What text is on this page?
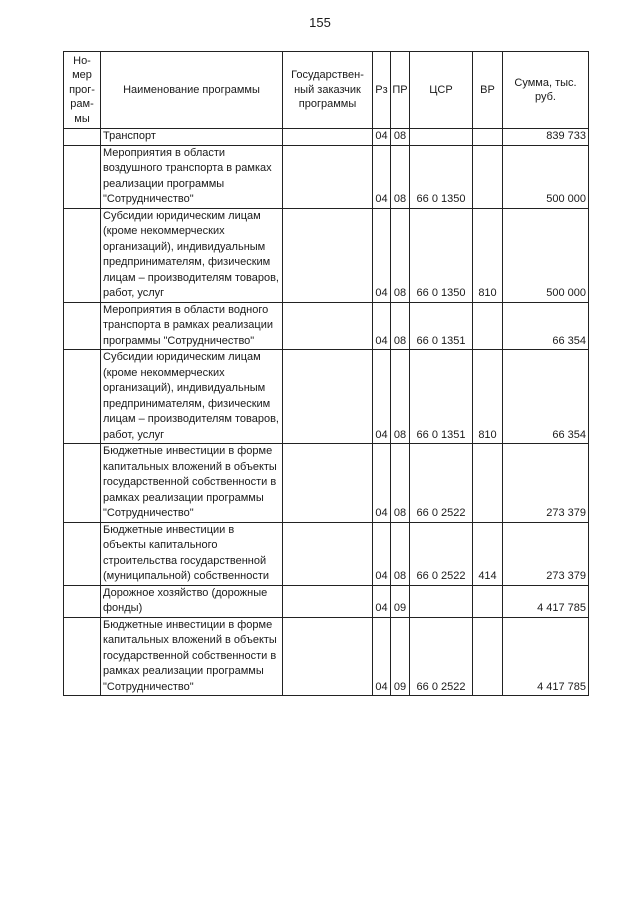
155
Но-мер прог-рам-мы	Наименование программы	Государствен-ный заказчик программы	Рз	ПР	ЦСР	ВР	Сумма, тыс. руб.
	Транспорт		04	08			839 733
	Мероприятия в области воздушного транспорта в рамках реализации программы "Сотрудничество"		04	08	66 0 1350		500 000
	Субсидии юридическим лицам (кроме некоммерческих организаций), индивидуальным предпринимателям, физическим лицам – производителям товаров, работ, услуг		04	08	66 0 1350	810	500 000
	Мероприятия в области водного транспорта в рамках реализации программы "Сотрудничество"		04	08	66 0 1351		66 354
	Субсидии юридическим лицам (кроме некоммерческих организаций), индивидуальным предпринимателям, физическим лицам – производителям товаров, работ, услуг		04	08	66 0 1351	810	66 354
	Бюджетные инвестиции в форме капитальных вложений в объекты государственной собственности в рамках реализации программы "Сотрудничество"		04	08	66 0 2522		273 379
	Бюджетные инвестиции в объекты капитального строительства государственной (муниципальной) собственности		04	08	66 0 2522	414	273 379
	Дорожное хозяйство (дорожные фонды)		04	09			4 417 785
	Бюджетные инвестиции в форме капитальных вложений в объекты государственной собственности в рамках реализации программы "Сотрудничество"		04	09	66 0 2522		4 417 785
